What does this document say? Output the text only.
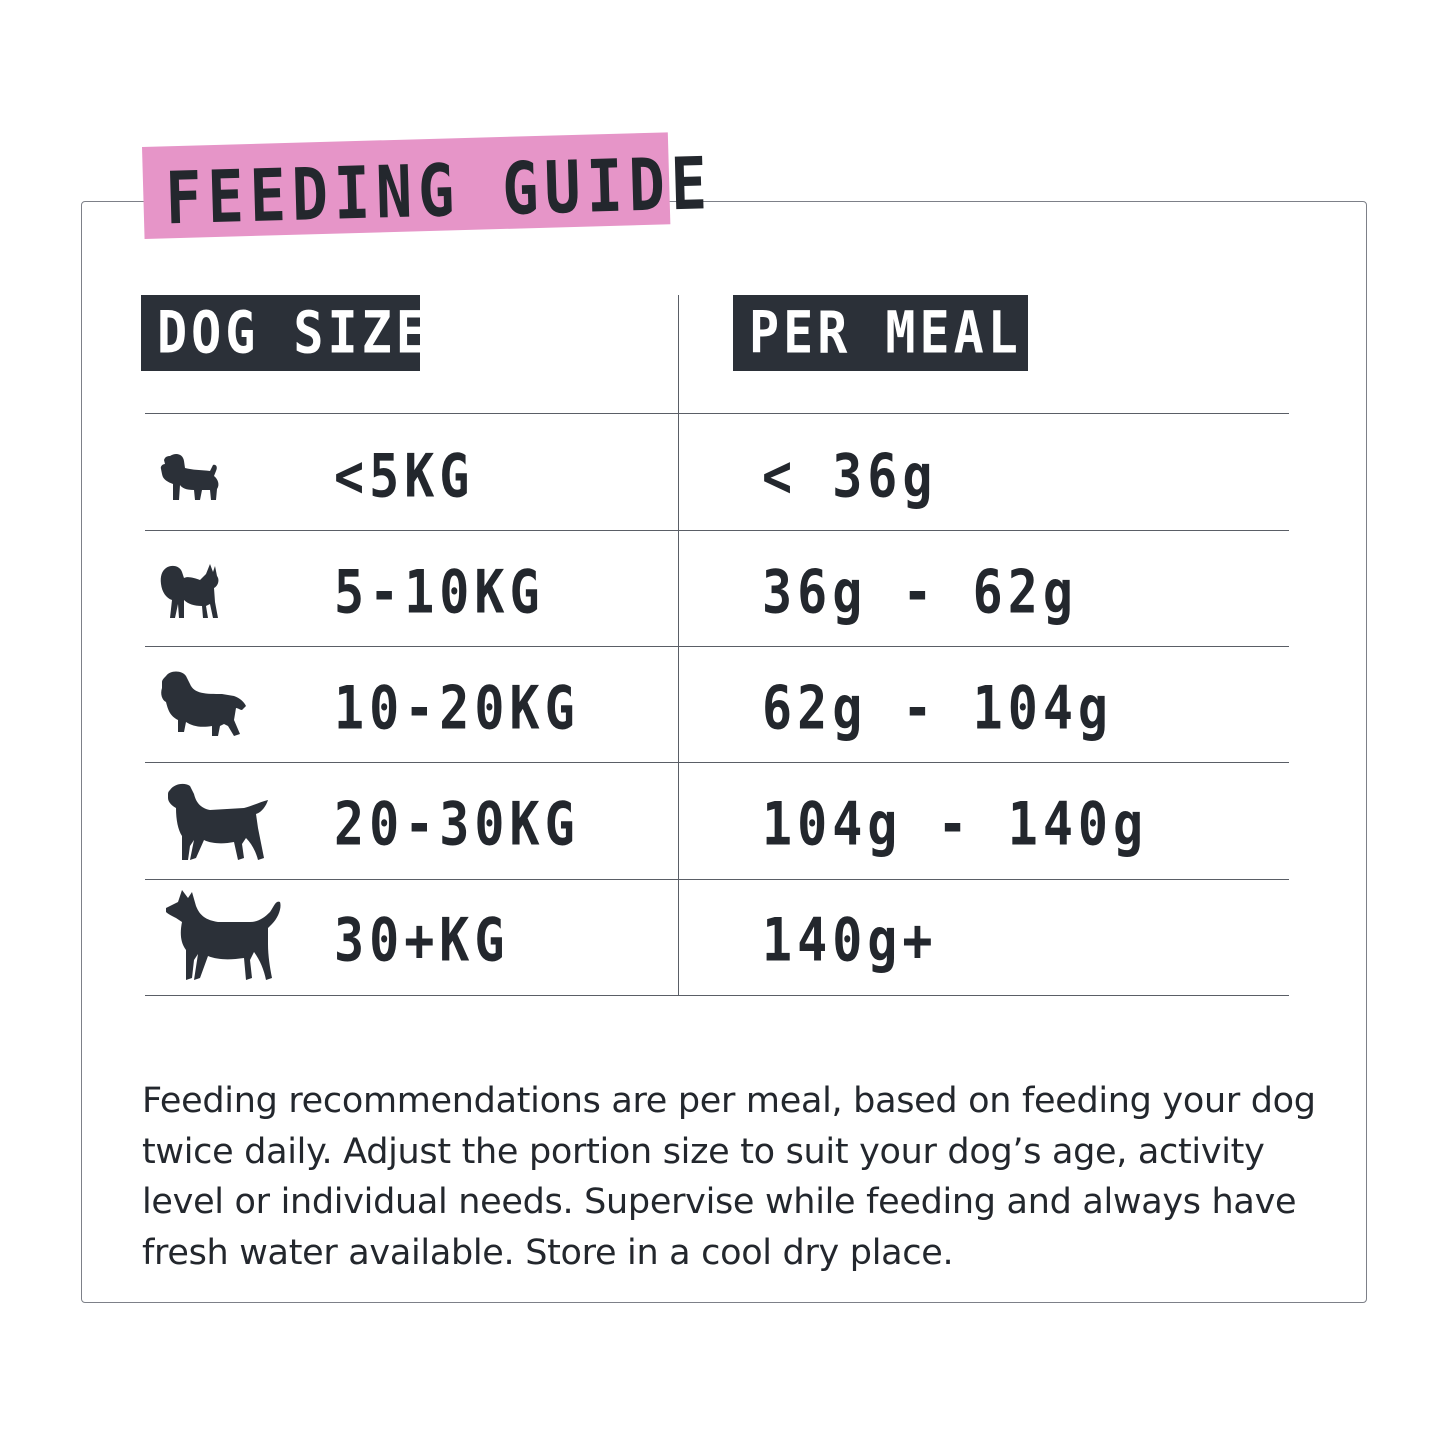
FEEDING GUIDE
DOG SIZE	PER MEAL
<5KG	< 36g
5-10KG	36g - 62g
10-20KG	62g - 104g
20-30KG	104g - 140g
30+KG	140g+

Feeding recommendations are per meal, based on feeding your dog twice daily. Adjust the portion size to suit your dog’s age, activity level or individual needs. Supervise while feeding and always have fresh water available. Store in a cool dry place.
